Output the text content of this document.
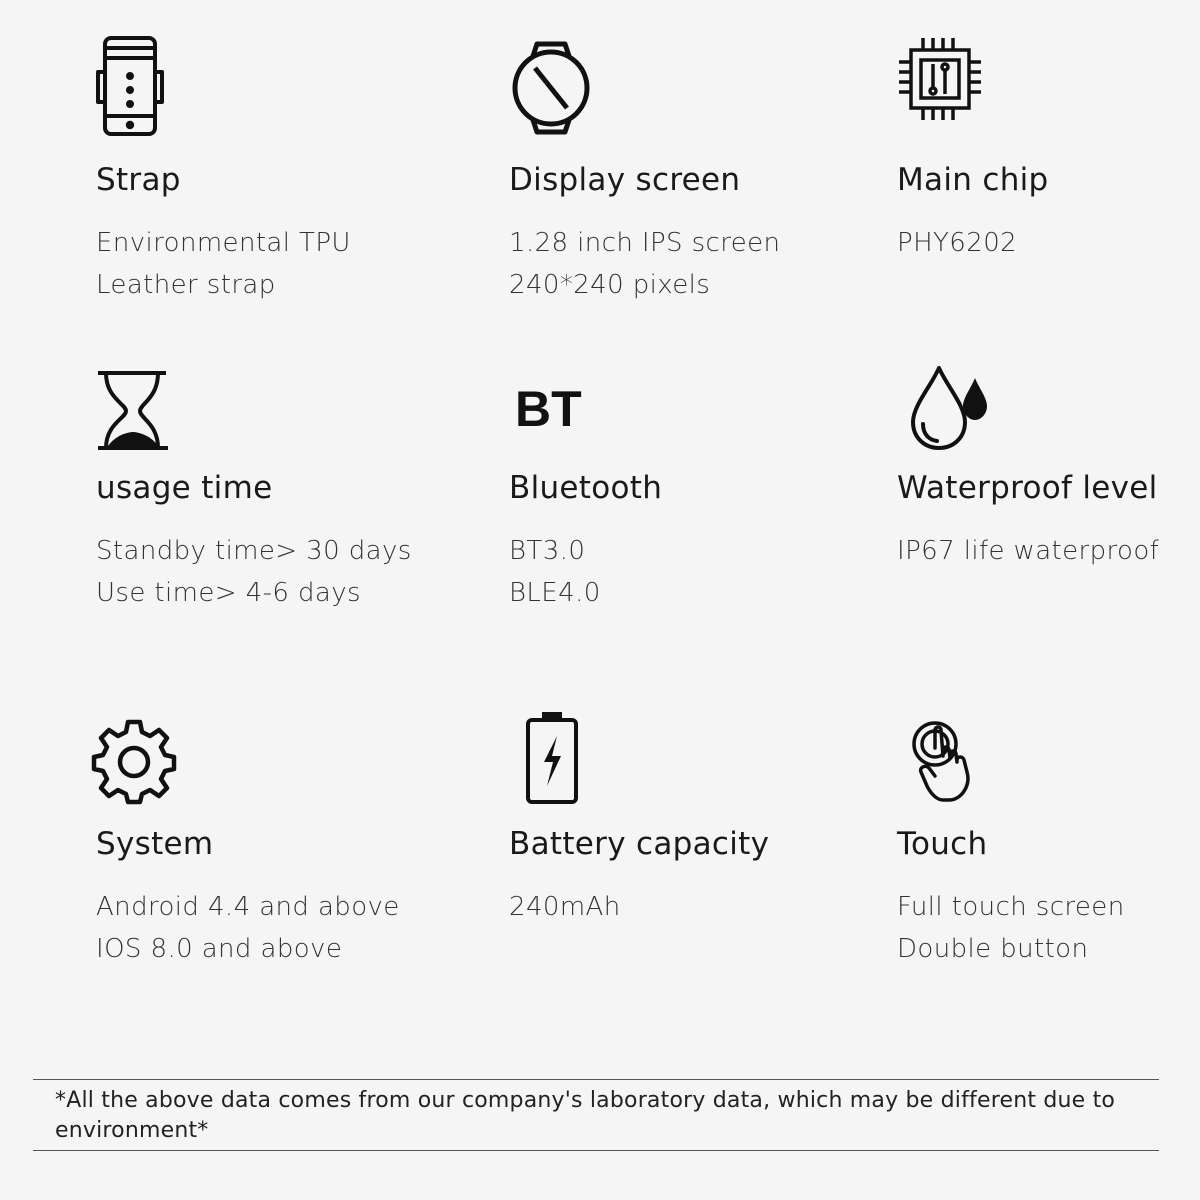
Strap
Environmental TPU
Leather strap
Display screen
1.28 inch IPS screen
240*240 pixels
Main chip
PHY6202
usage time
Standby time> 30 days
Use time> 4-6 days
BT
Bluetooth
BT3.0
BLE4.0
Waterproof level
IP67 life waterproof
System
Android 4.4 and above
IOS 8.0 and above
Battery capacity
240mAh
Touch
Full touch screen
Double button
*All the above data comes from our company's laboratory data, which may be different due to environment*
